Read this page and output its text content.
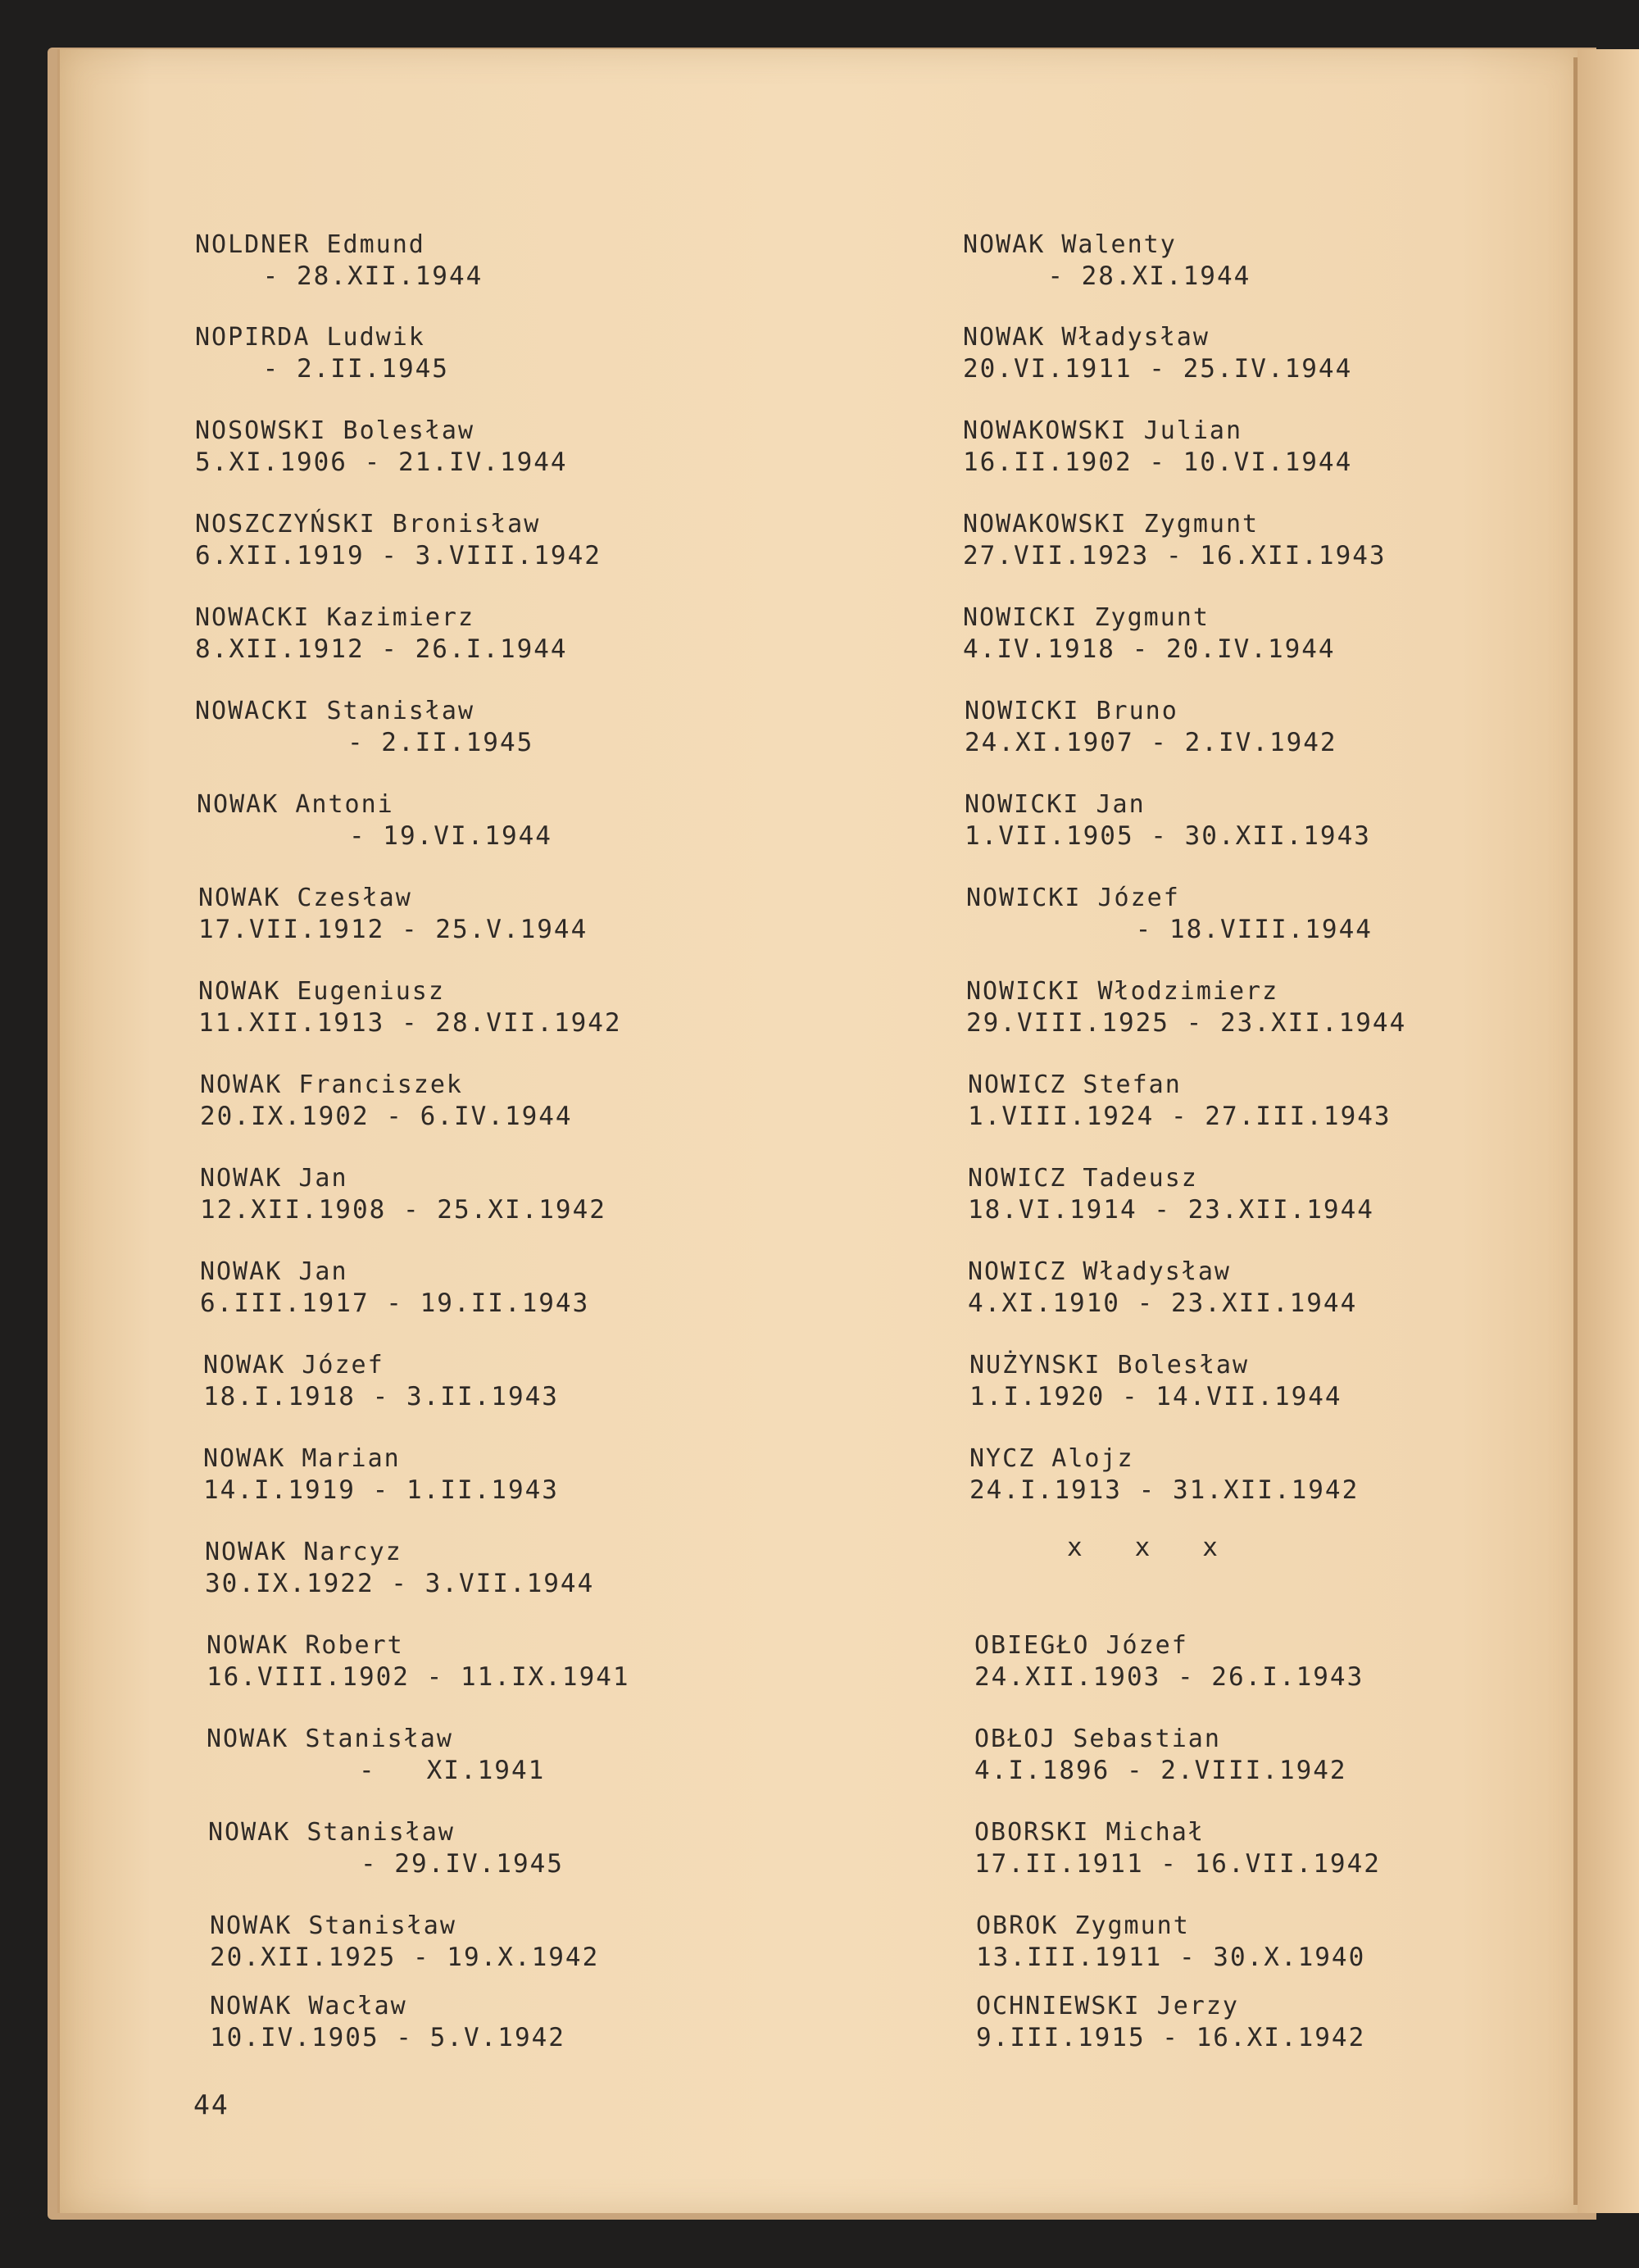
NOLDNER Edmund
- 28.XII.1944
NOPIRDA Ludwik
- 2.II.1945
NOSOWSKI Bolesław
5.XI.1906 - 21.IV.1944
NOSZCZYŃSKI Bronisław
6.XII.1919 - 3.VIII.1942
NOWACKI Kazimierz
8.XII.1912 - 26.I.1944
NOWACKI Stanisław
- 2.II.1945
NOWAK Antoni
- 19.VI.1944
NOWAK Czesław
17.VII.1912 - 25.V.1944
NOWAK Eugeniusz
11.XII.1913 - 28.VII.1942
NOWAK Franciszek
20.IX.1902 - 6.IV.1944
NOWAK Jan
12.XII.1908 - 25.XI.1942
NOWAK Jan
6.III.1917 - 19.II.1943
NOWAK Józef
18.I.1918 - 3.II.1943
NOWAK Marian
14.I.1919 - 1.II.1943
NOWAK Narcyz
30.IX.1922 - 3.VII.1944
NOWAK Robert
16.VIII.1902 - 11.IX.1941
NOWAK Stanisław
-   XI.1941
NOWAK Stanisław
- 29.IV.1945
NOWAK Stanisław
20.XII.1925 - 19.X.1942
NOWAK Wacław
10.IV.1905 - 5.V.1942
NOWAK Walenty
- 28.XI.1944
NOWAK Władysław
20.VI.1911 - 25.IV.1944
NOWAKOWSKI Julian
16.II.1902 - 10.VI.1944
NOWAKOWSKI Zygmunt
27.VII.1923 - 16.XII.1943
NOWICKI Zygmunt
4.IV.1918 - 20.IV.1944
NOWICKI Bruno
24.XI.1907 - 2.IV.1942
NOWICKI Jan
1.VII.1905 - 30.XII.1943
NOWICKI Józef
- 18.VIII.1944
NOWICKI Włodzimierz
29.VIII.1925 - 23.XII.1944
NOWICZ Stefan
1.VIII.1924 - 27.III.1943
NOWICZ Tadeusz
18.VI.1914 - 23.XII.1944
NOWICZ Władysław
4.XI.1910 - 23.XII.1944
NUŻYNSKI Bolesław
1.I.1920 - 14.VII.1944
NYCZ Alojz
24.I.1913 - 31.XII.1942
OBIEGŁO Józef
24.XII.1903 - 26.I.1943
OBŁOJ Sebastian
4.I.1896 - 2.VIII.1942
OBORSKI Michał
17.II.1911 - 16.VII.1942
OBROK Zygmunt
13.III.1911 - 30.X.1940
OCHNIEWSKI Jerzy
9.III.1915 - 16.XI.1942
x   x   x
44
